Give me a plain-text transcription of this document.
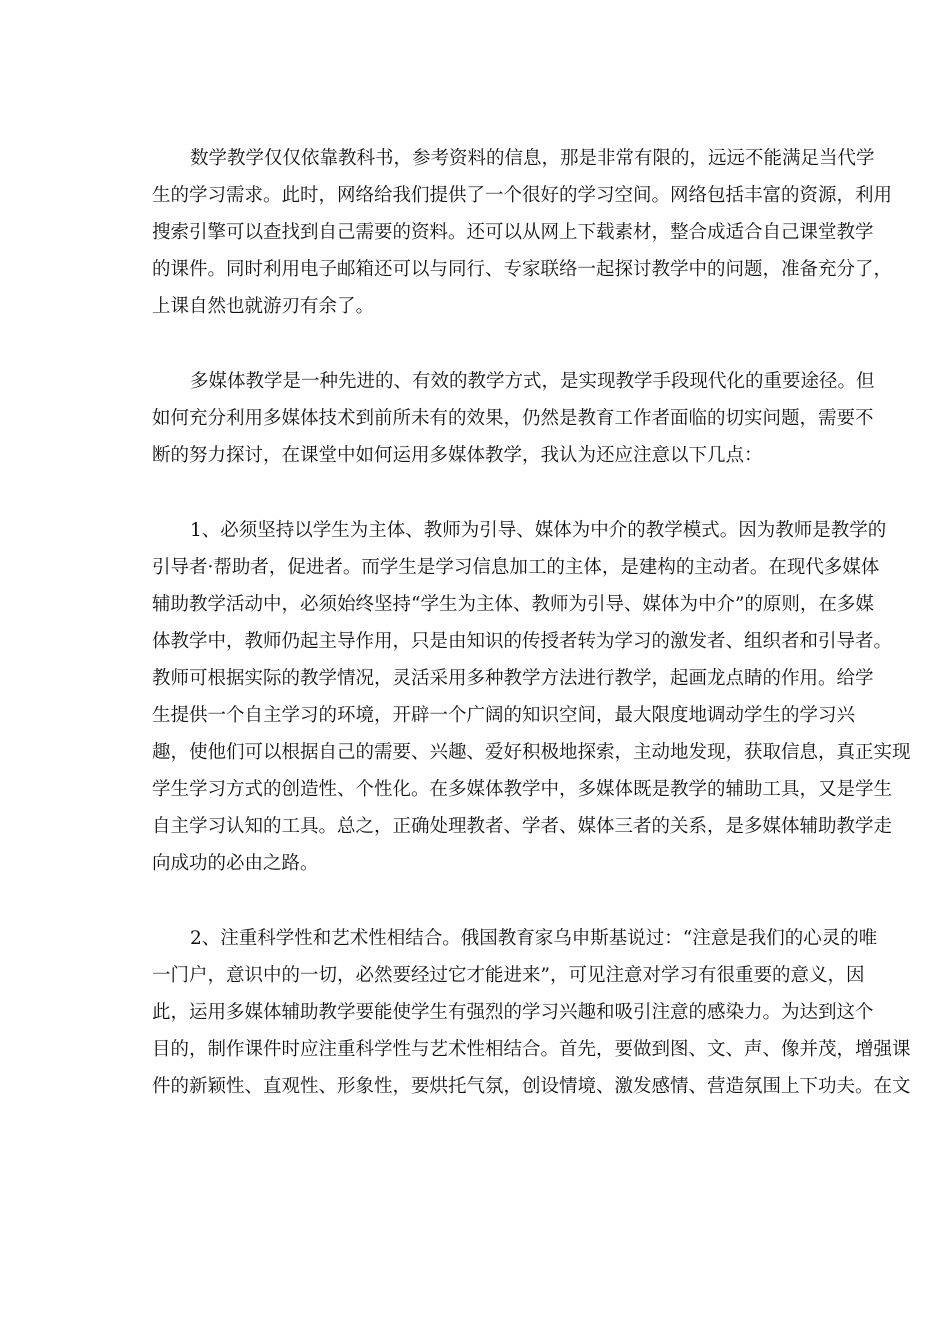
数学教学仅仅依靠教科书，参考资料的信息，那是非常有限的，远远不能满足当代学
生的学习需求。此时，网络给我们提供了一个很好的学习空间。网络包括丰富的资源，利用
搜索引擎可以查找到自己需要的资料。还可以从网上下载素材，整合成适合自己课堂教学
的课件。同时利用电子邮箱还可以与同行、专家联络一起探讨教学中的问题，准备充分了，
上课自然也就游刃有余了。
多媒体教学是一种先进的、有效的教学方式，是实现教学手段现代化的重要途径。但
如何充分利用多媒体技术到前所未有的效果，仍然是教育工作者面临的切实问题，需要不
断的努力探讨，在课堂中如何运用多媒体教学，我认为还应注意以下几点：
1、必须坚持以学生为主体、教师为引导、媒体为中介的教学模式。因为教师是教学的
引导者·帮助者，促进者。而学生是学习信息加工的主体，是建构的主动者。在现代多媒体
辅助教学活动中，必须始终坚持“学生为主体、教师为引导、媒体为中介”的原则，在多媒
体教学中，教师仍起主导作用，只是由知识的传授者转为学习的激发者、组织者和引导者。
教师可根据实际的教学情况，灵活采用多种教学方法进行教学，起画龙点睛的作用。给学
生提供一个自主学习的环境，开辟一个广阔的知识空间，最大限度地调动学生的学习兴
趣，使他们可以根据自己的需要、兴趣、爱好积极地探索，主动地发现，获取信息，真正实现
学生学习方式的创造性、个性化。在多媒体教学中，多媒体既是教学的辅助工具，又是学生
自主学习认知的工具。总之，正确处理教者、学者、媒体三者的关系，是多媒体辅助教学走
向成功的必由之路。
2、注重科学性和艺术性相结合。俄国教育家乌申斯基说过：“注意是我们的心灵的唯
一门户，意识中的一切，必然要经过它才能进来”，可见注意对学习有很重要的意义，因
此，运用多媒体辅助教学要能使学生有强烈的学习兴趣和吸引注意的感染力。为达到这个
目的，制作课件时应注重科学性与艺术性相结合。首先，要做到图、文、声、像并茂，增强课
件的新颖性、直观性、形象性，要烘托气氛，创设情境、激发感情、营造氛围上下功夫。在文
